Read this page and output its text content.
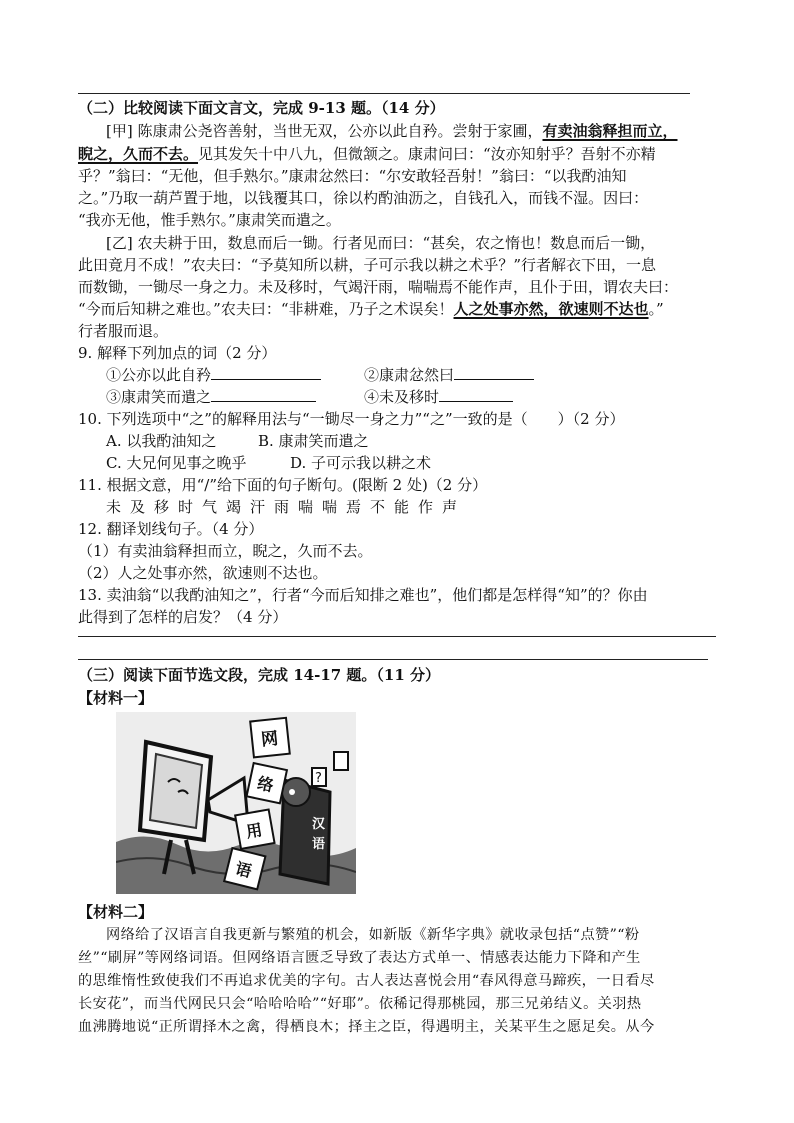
（二）比较阅读下面文言文，完成 9-13 题。（14 分）
[甲] 陈康肃公尧咨善射，当世无双，公亦以此自矜。尝射于家圃，有卖油翁释担而立，
睨之，久而不去。见其发矢十中八九，但微颔之。康肃问曰：“汝亦知射乎？吾射不亦精
乎？”翁曰：“无他，但手熟尔。”康肃忿然曰：“尔安敢轻吾射！”翁曰：“以我酌油知
之。”乃取一葫芦置于地，以钱覆其口，徐以杓酌油沥之，自钱孔入，而钱不湿。因曰：
“我亦无他，惟手熟尔。”康肃笑而遣之。
[乙] 农夫耕于田，数息而后一锄。行者见而曰：“甚矣，农之惰也！数息而后一锄，
此田竟月不成！”农夫曰：“予莫知所以耕，子可示我以耕之术乎？”行者解衣下田，一息
而数锄，一锄尽一身之力。未及移时，气竭汗雨，喘喘焉不能作声，且仆于田，谓农夫曰：
“今而后知耕之难也。”农夫曰：“非耕难，乃子之术误矣！人之处事亦然，欲速则不达也。”
行者服而退。
9. 解释下列加点的词（2 分）
①公亦以此自矜	②康肃忿然曰
③康肃笑而遣之	④未及移时
10. 下列选项中“之”的解释用法与“一锄尽一身之力”“之”一致的是（　　）（2 分）
A. 以我酌油知之	B. 康肃笑而遣之
C. 大兄何见事之晚乎	D. 子可示我以耕之术
11. 根据文意，用“/”给下面的句子断句。(限断 2 处)（2 分）
未及移时气竭汗雨喘喘焉不能作声
12. 翻译划线句子。（4 分）
（1）有卖油翁释担而立，睨之，久而不去。
（2）人之处事亦然，欲速则不达也。
13. 卖油翁“以我酌油知之”，行者“今而后知排之难也”，他们都是怎样得“知”的？你由
此得到了怎样的启发？（4 分）
（三）阅读下面节选文段，完成 14-17 题。（11 分）
【材料一】
?
网
络
用
语
汉
语
【材料二】
网络给了汉语言自我更新与繁殖的机会，如新版《新华字典》就收录包括“点赞”“粉
丝”“刷屏”等网络词语。但网络语言匮乏导致了表达方式单一、情感表达能力下降和产生
的思维惰性致使我们不再追求优美的字句。古人表达喜悦会用“春风得意马蹄疾，一日看尽
长安花”，而当代网民只会“哈哈哈哈”“好耶”。依稀记得那桃园，那三兄弟结义。关羽热
血沸腾地说“正所谓择木之禽，得栖良木；择主之臣，得遇明主，关某平生之愿足矣。从今
